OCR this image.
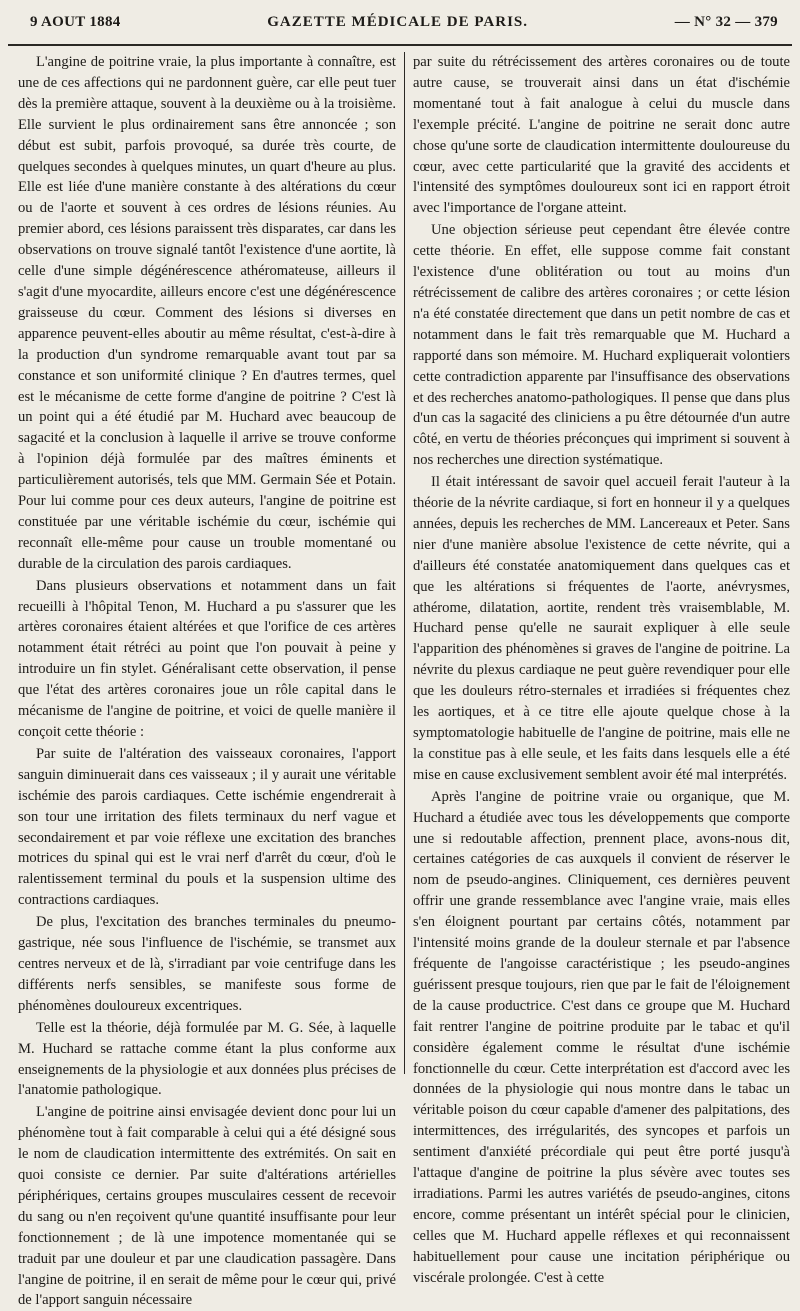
9 AOUT 1884	GAZETTE MÉDICALE DE PARIS.	— N° 32 — 379

L'angine de poitrine vraie, la plus importante à connaître, est une de ces affections qui ne pardonnent guère, car elle peut tuer dès la première attaque, souvent à la deuxième ou à la troisième. Elle survient le plus ordinairement sans être annoncée ; son début est subit, parfois provoqué, sa durée très courte, de quelques secondes à quelques minutes, un quart d'heure au plus. Elle est liée d'une manière constante à des altérations du cœur ou de l'aorte et souvent à ces ordres de lésions réunies. Au premier abord, ces lésions paraissent très disparates, car dans les observations on trouve signalé tantôt l'existence d'une aortite, là celle d'une simple dégénérescence athéromateuse, ailleurs il s'agit d'une myocardite, ailleurs encore c'est une dégénérescence graisseuse du cœur. Comment des lésions si diverses en apparence peuvent-elles aboutir au même résultat, c'est-à-dire à la production d'un syndrome remarquable avant tout par sa constance et son uniformité clinique ? En d'autres termes, quel est le mécanisme de cette forme d'angine de poitrine ? C'est là un point qui a été étudié par M. Huchard avec beaucoup de sagacité et la conclusion à laquelle il arrive se trouve conforme à l'opinion déjà formulée par des maîtres éminents et particulièrement autorisés, tels que MM. Germain Sée et Potain. Pour lui comme pour ces deux auteurs, l'angine de poitrine est constituée par une véritable ischémie du cœur, ischémie qui reconnaît elle-même pour cause un trouble momentané ou durable de la circulation des parois cardiaques.

Dans plusieurs observations et notamment dans un fait recueilli à l'hôpital Tenon, M. Huchard a pu s'assurer que les artères coronaires étaient altérées et que l'orifice de ces artères notamment était rétréci au point que l'on pouvait à peine y introduire un fin stylet. Généralisant cette observation, il pense que l'état des artères coronaires joue un rôle capital dans le mécanisme de l'angine de poitrine, et voici de quelle manière il conçoit cette théorie :

Par suite de l'altération des vaisseaux coronaires, l'apport sanguin diminuerait dans ces vaisseaux ; il y aurait une véritable ischémie des parois cardiaques. Cette ischémie engendrerait à son tour une irritation des filets terminaux du nerf vague et secondairement et par voie réflexe une excitation des branches motrices du spinal qui est le vrai nerf d'arrêt du cœur, d'où le ralentissement terminal du pouls et la suspension ultime des contractions cardiaques.

De plus, l'excitation des branches terminales du pneumo-gastrique, née sous l'influence de l'ischémie, se transmet aux centres nerveux et de là, s'irradiant par voie centrifuge dans les différents nerfs sensibles, se manifeste sous forme de phénomènes douloureux excentriques.

Telle est la théorie, déjà formulée par M. G. Sée, à laquelle M. Huchard se rattache comme étant la plus conforme aux enseignements de la physiologie et aux données plus précises de l'anatomie pathologique.

L'angine de poitrine ainsi envisagée devient donc pour lui un phénomène tout à fait comparable à celui qui a été désigné sous le nom de claudication intermittente des extrémités. On sait en quoi consiste ce dernier. Par suite d'altérations artérielles périphériques, certains groupes musculaires cessent de recevoir du sang ou n'en reçoivent qu'une quantité insuffisante pour leur fonctionnement ; de là une impotence momentanée qui se traduit par une douleur et par une claudication passagère. Dans l'angine de poitrine, il en serait de même pour le cœur qui, privé de l'apport sanguin nécessaire

par suite du rétrécissement des artères coronaires ou de toute autre cause, se trouverait ainsi dans un état d'ischémie momentané tout à fait analogue à celui du muscle dans l'exemple précité. L'angine de poitrine ne serait donc autre chose qu'une sorte de claudication intermittente douloureuse du cœur, avec cette particularité que la gravité des accidents et l'intensité des symptômes douloureux sont ici en rapport étroit avec l'importance de l'organe atteint.

Une objection sérieuse peut cependant être élevée contre cette théorie. En effet, elle suppose comme fait constant l'existence d'une oblitération ou tout au moins d'un rétrécissement de calibre des artères coronaires ; or cette lésion n'a été constatée directement que dans un petit nombre de cas et notamment dans le fait très remarquable que M. Huchard a rapporté dans son mémoire. M. Huchard expliquerait volontiers cette contradiction apparente par l'insuffisance des observations et des recherches anatomo-pathologiques. Il pense que dans plus d'un cas la sagacité des cliniciens a pu être détournée d'un autre côté, en vertu de théories préconçues qui impriment si souvent à nos recherches une direction systématique.

Il était intéressant de savoir quel accueil ferait l'auteur à la théorie de la névrite cardiaque, si fort en honneur il y a quelques années, depuis les recherches de MM. Lancereaux et Peter. Sans nier d'une manière absolue l'existence de cette névrite, qui a d'ailleurs été constatée anatomiquement dans quelques cas et que les altérations si fréquentes de l'aorte, anévrysmes, athérome, dilatation, aortite, rendent très vraisemblable, M. Huchard pense qu'elle ne saurait expliquer à elle seule l'apparition des phénomènes si graves de l'angine de poitrine. La névrite du plexus cardiaque ne peut guère revendiquer pour elle que les douleurs rétro-sternales et irradiées si fréquentes chez les aortiques, et à ce titre elle ajoute quelque chose à la symptomatologie habituelle de l'angine de poitrine, mais elle ne la constitue pas à elle seule, et les faits dans lesquels elle a été mise en cause exclusivement semblent avoir été mal interprétés.

Après l'angine de poitrine vraie ou organique, que M. Huchard a étudiée avec tous les développements que comporte une si redoutable affection, prennent place, avons-nous dit, certaines catégories de cas auxquels il convient de réserver le nom de pseudo-angines. Cliniquement, ces dernières peuvent offrir une grande ressemblance avec l'angine vraie, mais elles s'en éloignent pourtant par certains côtés, notamment par l'intensité moins grande de la douleur sternale et par l'absence fréquente de l'angoisse caractéristique ; les pseudo-angines guérissent presque toujours, rien que par le fait de l'éloignement de la cause productrice. C'est dans ce groupe que M. Huchard fait rentrer l'angine de poitrine produite par le tabac et qu'il considère également comme le résultat d'une ischémie fonctionnelle du cœur. Cette interprétation est d'accord avec les données de la physiologie qui nous montre dans le tabac un véritable poison du cœur capable d'amener des palpitations, des intermittences, des irrégularités, des syncopes et parfois un sentiment d'anxiété précordiale qui peut être porté jusqu'à l'attaque d'angine de poitrine la plus sévère avec toutes ses irradiations. Parmi les autres variétés de pseudo-angines, citons encore, comme présentant un intérêt spécial pour le clinicien, celles que M. Huchard appelle réflexes et qui reconnaissent habituellement pour cause une incitation périphérique ou viscérale prolongée. C'est à cette
